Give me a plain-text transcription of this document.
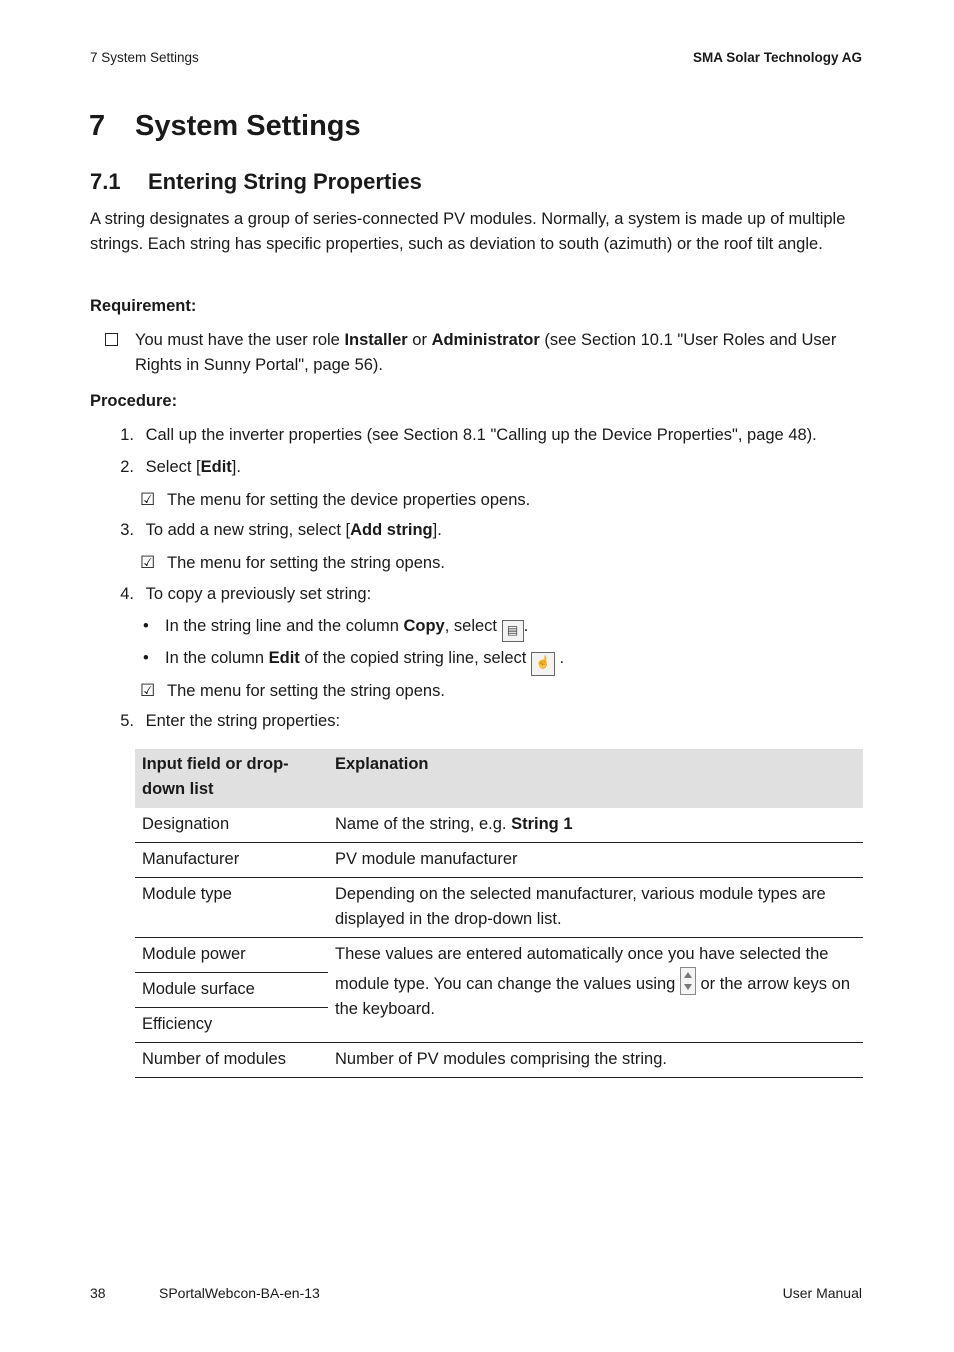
7 System Settings	SMA Solar Technology AG
7 System Settings
7.1 Entering String Properties
A string designates a group of series-connected PV modules. Normally, a system is made up of multiple strings. Each string has specific properties, such as deviation to south (azimuth) or the roof tilt angle.
Requirement:
You must have the user role Installer or Administrator (see Section 10.1 "User Roles and User Rights in Sunny Portal", page 56).
Procedure:
1. Call up the inverter properties (see Section 8.1 "Calling up the Device Properties", page 48).
2. Select [Edit].
☑ The menu for setting the device properties opens.
3. To add a new string, select [Add string].
☑ The menu for setting the string opens.
4. To copy a previously set string:
• In the string line and the column Copy, select ▤ .
• In the column Edit of the copied string line, select ☝ .
☑ The menu for setting the string opens.
5. Enter the string properties:
Input field or drop-down list	Explanation
Designation	Name of the string, e.g. String 1
Manufacturer	PV module manufacturer
Module type	Depending on the selected manufacturer, various module types are displayed in the drop-down list.
Module power	These values are entered automatically once you have selected the module type. You can change the values using  or the arrow keys on the keyboard.
Module surface	
Efficiency	
Number of modules	Number of PV modules comprising the string.
38	SPortalWebcon-BA-en-13	User Manual
